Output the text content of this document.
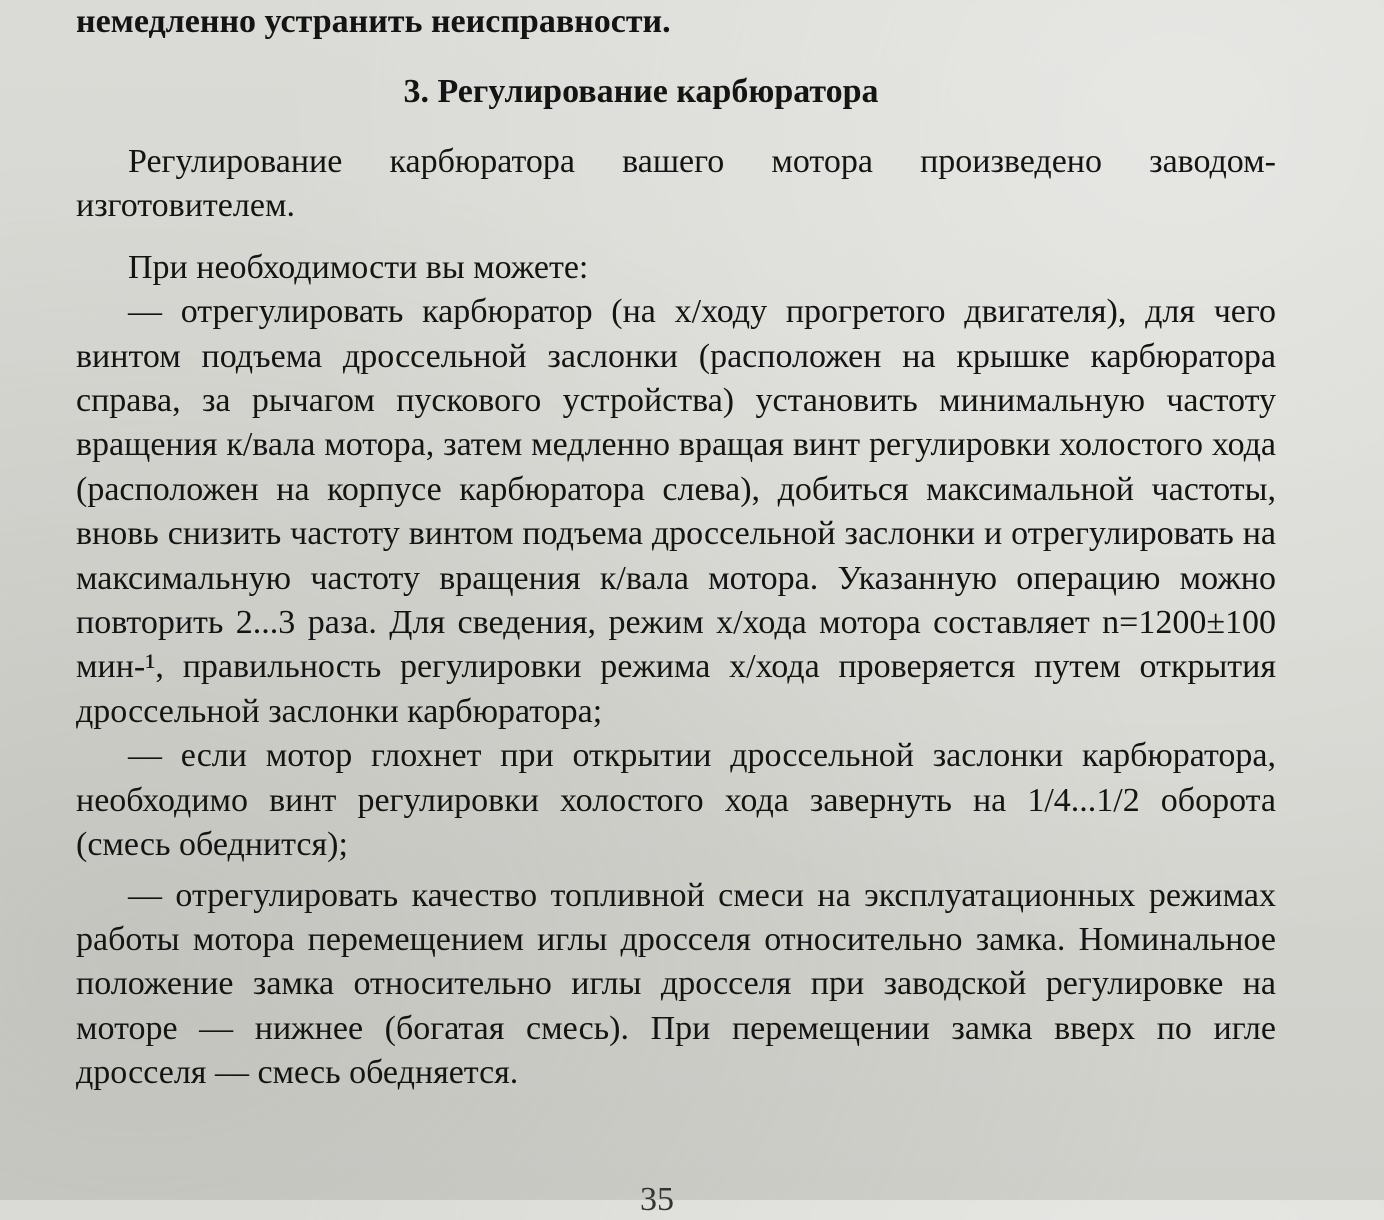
немедленно устранить неисправности.
3. Регулирование карбюратора

Регулирование карбюратора вашего мотора произведено заводом-изготовителем.

При необходимости вы можете:

— отрегулировать карбюратор (на х/ходу прогретого двигателя), для чего винтом подъема дроссельной заслонки (расположен на крышке карбюратора справа, за рычагом пускового устройства) установить минимальную частоту вращения к/вала мотора, затем медленно вращая винт регулировки холостого хода (расположен на корпусе карбюратора слева), добиться максимальной частоты, вновь снизить частоту винтом подъема дроссельной заслонки и отрегулировать на максимальную частоту вращения к/вала мотора. Указанную операцию можно повторить 2...3 раза. Для сведения, режим х/хода мотора составляет n=1200±100 мин-¹, правильность регулировки режима х/хода проверяется путем открытия дроссельной заслонки карбюратора;

— если мотор глохнет при открытии дроссельной заслонки карбюратора, необходимо винт регулировки холостого хода завернуть на 1/4...1/2 оборота (смесь обеднится);

— отрегулировать качество топливной смеси на эксплуатационных режимах работы мотора перемещением иглы дросселя относительно замка. Номинальное положение замка относительно иглы дросселя при заводской регулировке на моторе — нижнее (богатая смесь). При перемещении замка вверх по игле дросселя — смесь обедняется.

35
